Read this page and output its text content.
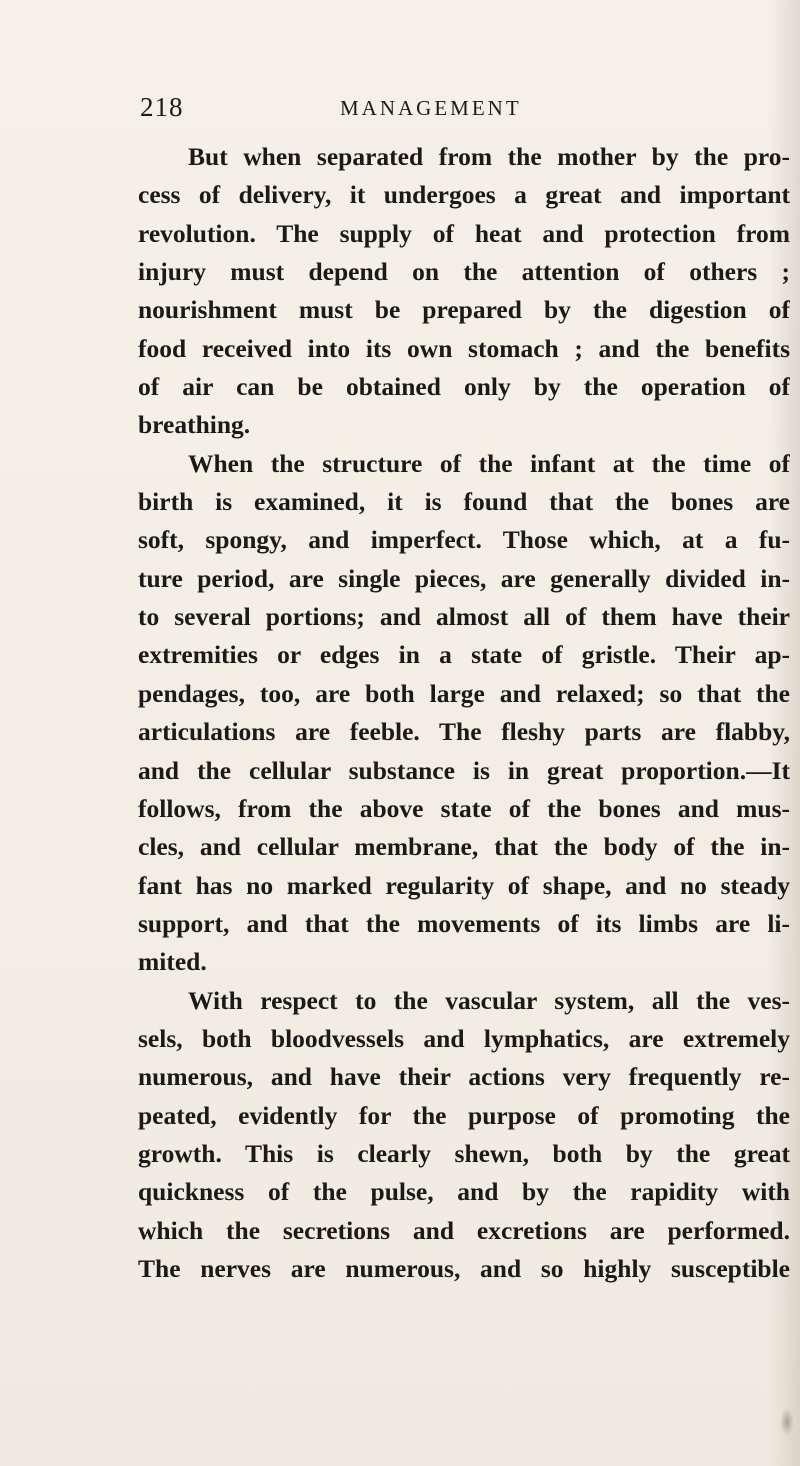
218	MANAGEMENT
But when separated from the mother by the pro-
cess of delivery, it undergoes a great and important
revolution. The supply of heat and protection from
injury must depend on the attention of others ;
nourishment must be prepared by the digestion of
food received into its own stomach ; and the benefits
of air can be obtained only by the operation of
breathing.
When the structure of the infant at the time of
birth is examined, it is found that the bones are
soft, spongy, and imperfect. Those which, at a fu-
ture period, are single pieces, are generally divided in-
to several portions; and almost all of them have their
extremities or edges in a state of gristle. Their ap-
pendages, too, are both large and relaxed; so that the
articulations are feeble. The fleshy parts are flabby,
and the cellular substance is in great proportion.—It
follows, from the above state of the bones and mus-
cles, and cellular membrane, that the body of the in-
fant has no marked regularity of shape, and no steady
support, and that the movements of its limbs are li-
mited.
With respect to the vascular system, all the ves-
sels, both bloodvessels and lymphatics, are extremely
numerous, and have their actions very frequently re-
peated, evidently for the purpose of promoting the
growth. This is clearly shewn, both by the great
quickness of the pulse, and by the rapidity with
which the secretions and excretions are performed.
The nerves are numerous, and so highly susceptible
